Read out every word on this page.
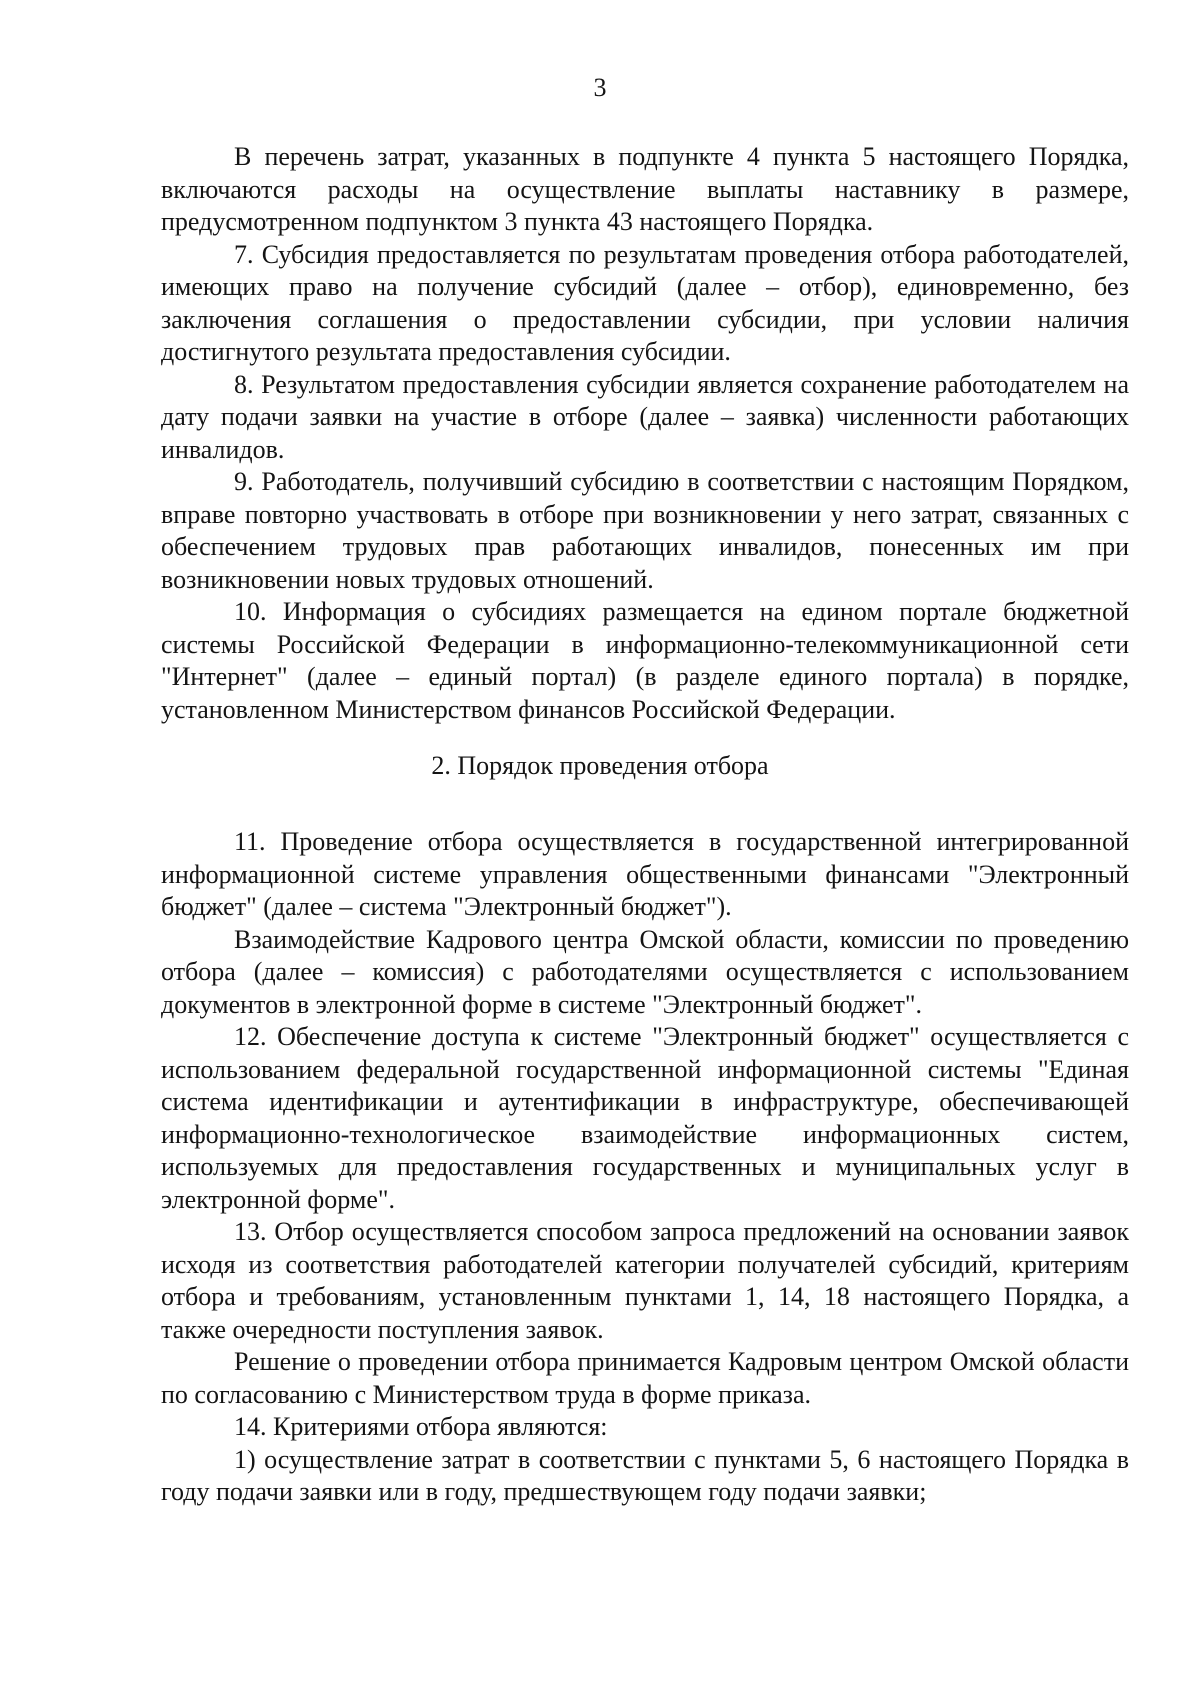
3

В перечень затрат, указанных в подпункте 4 пункта 5 настоящего Порядка, включаются расходы на осуществление выплаты наставнику в размере, предусмотренном подпунктом 3 пункта 43 настоящего Порядка.

7. Субсидия предоставляется по результатам проведения отбора работодателей, имеющих право на получение субсидий (далее – отбор), единовременно, без заключения соглашения о предоставлении субсидии, при условии наличия достигнутого результата предоставления субсидии.

8. Результатом предоставления субсидии является сохранение работодателем на дату подачи заявки на участие в отборе (далее – заявка) численности работающих инвалидов.

9. Работодатель, получивший субсидию в соответствии с настоящим Порядком, вправе повторно участвовать в отборе при возникновении у него затрат, связанных с обеспечением трудовых прав работающих инвалидов, понесенных им при возникновении новых трудовых отношений.

10. Информация о субсидиях размещается на едином портале бюджетной системы Российской Федерации в информационно-телекоммуникационной сети "Интернет" (далее – единый портал) (в разделе единого портала) в порядке, установленном Министерством финансов Российской Федерации.

2. Порядок проведения отбора

11. Проведение отбора осуществляется в государственной интегрированной информационной системе управления общественными финансами "Электронный бюджет" (далее – система "Электронный бюджет").

Взаимодействие Кадрового центра Омской области, комиссии по проведению отбора (далее – комиссия) с работодателями осуществляется с использованием документов в электронной форме в системе "Электронный бюджет".

12. Обеспечение доступа к системе "Электронный бюджет" осуществляется с использованием федеральной государственной информационной системы "Единая система идентификации и аутентификации в инфраструктуре, обеспечивающей информационно-технологическое взаимодействие информационных систем, используемых для предоставления государственных и муниципальных услуг в электронной форме".

13. Отбор осуществляется способом запроса предложений на основании заявок исходя из соответствия работодателей категории получателей субсидий, критериям отбора и требованиям, установленным пунктами 1, 14, 18 настоящего Порядка, а также очередности поступления заявок.

Решение о проведении отбора принимается Кадровым центром Омской области по согласованию с Министерством труда в форме приказа.

14. Критериями отбора являются:

1) осуществление затрат в соответствии с пунктами 5, 6 настоящего Порядка в году подачи заявки или в году, предшествующем году подачи заявки;
